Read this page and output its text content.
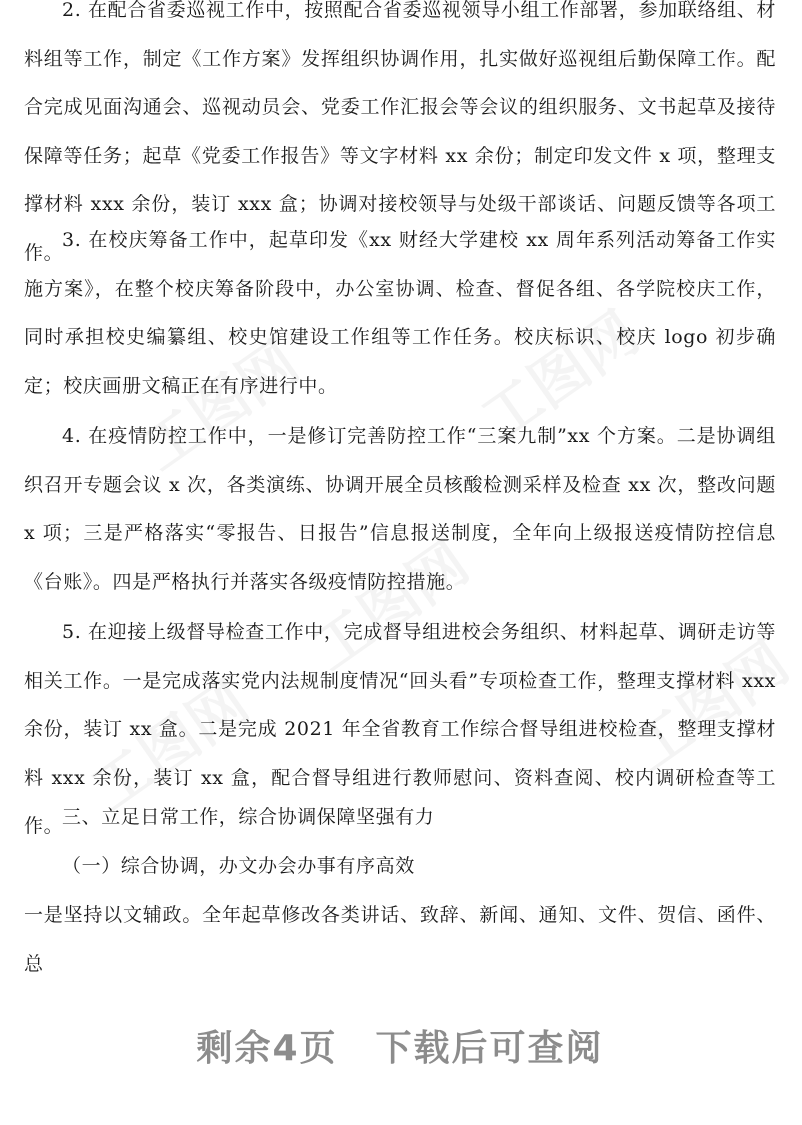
2. 在配合省委巡视工作中，按照配合省委巡视领导小组工作部署，参加联络组、材料组等工作，制定《工作方案》发挥组织协调作用，扎实做好巡视组后勤保障工作。配合完成见面沟通会、巡视动员会、党委工作汇报会等会议的组织服务、文书起草及接待保障等任务；起草《党委工作报告》等文字材料 xx 余份；制定印发文件 x 项，整理支撑材料 xxx 余份，装订 xxx 盒；协调对接校领导与处级干部谈话、问题反馈等各项工作。

3. 在校庆筹备工作中，起草印发《xx 财经大学建校 xx 周年系列活动筹备工作实施方案》，在整个校庆筹备阶段中，办公室协调、检查、督促各组、各学院校庆工作，同时承担校史编纂组、校史馆建设工作组等工作任务。校庆标识、校庆 logo 初步确定；校庆画册文稿正在有序进行中。

4. 在疫情防控工作中，一是修订完善防控工作“三案九制”xx 个方案。二是协调组织召开专题会议 x 次，各类演练、协调开展全员核酸检测采样及检查 xx 次，整改问题 x 项；三是严格落实“零报告、日报告”信息报送制度，全年向上级报送疫情防控信息《台账》。四是严格执行并落实各级疫情防控措施。

5. 在迎接上级督导检查工作中，完成督导组进校会务组织、材料起草、调研走访等相关工作。一是完成落实党内法规制度情况“回头看”专项检查工作，整理支撑材料 xxx 余份，装订 xx 盒。二是完成 2021 年全省教育工作综合督导组进校检查，整理支撑材料 xxx 余份，装订 xx 盒，配合督导组进行教师慰问、资料查阅、校内调研检查等工作。

三、立足日常工作，综合协调保障坚强有力

（一）综合协调，办文办会办事有序高效

一是坚持以文辅政。全年起草修改各类讲话、致辞、新闻、通知、文件、贺信、函件、总

剩余4页　下载后可查阅
